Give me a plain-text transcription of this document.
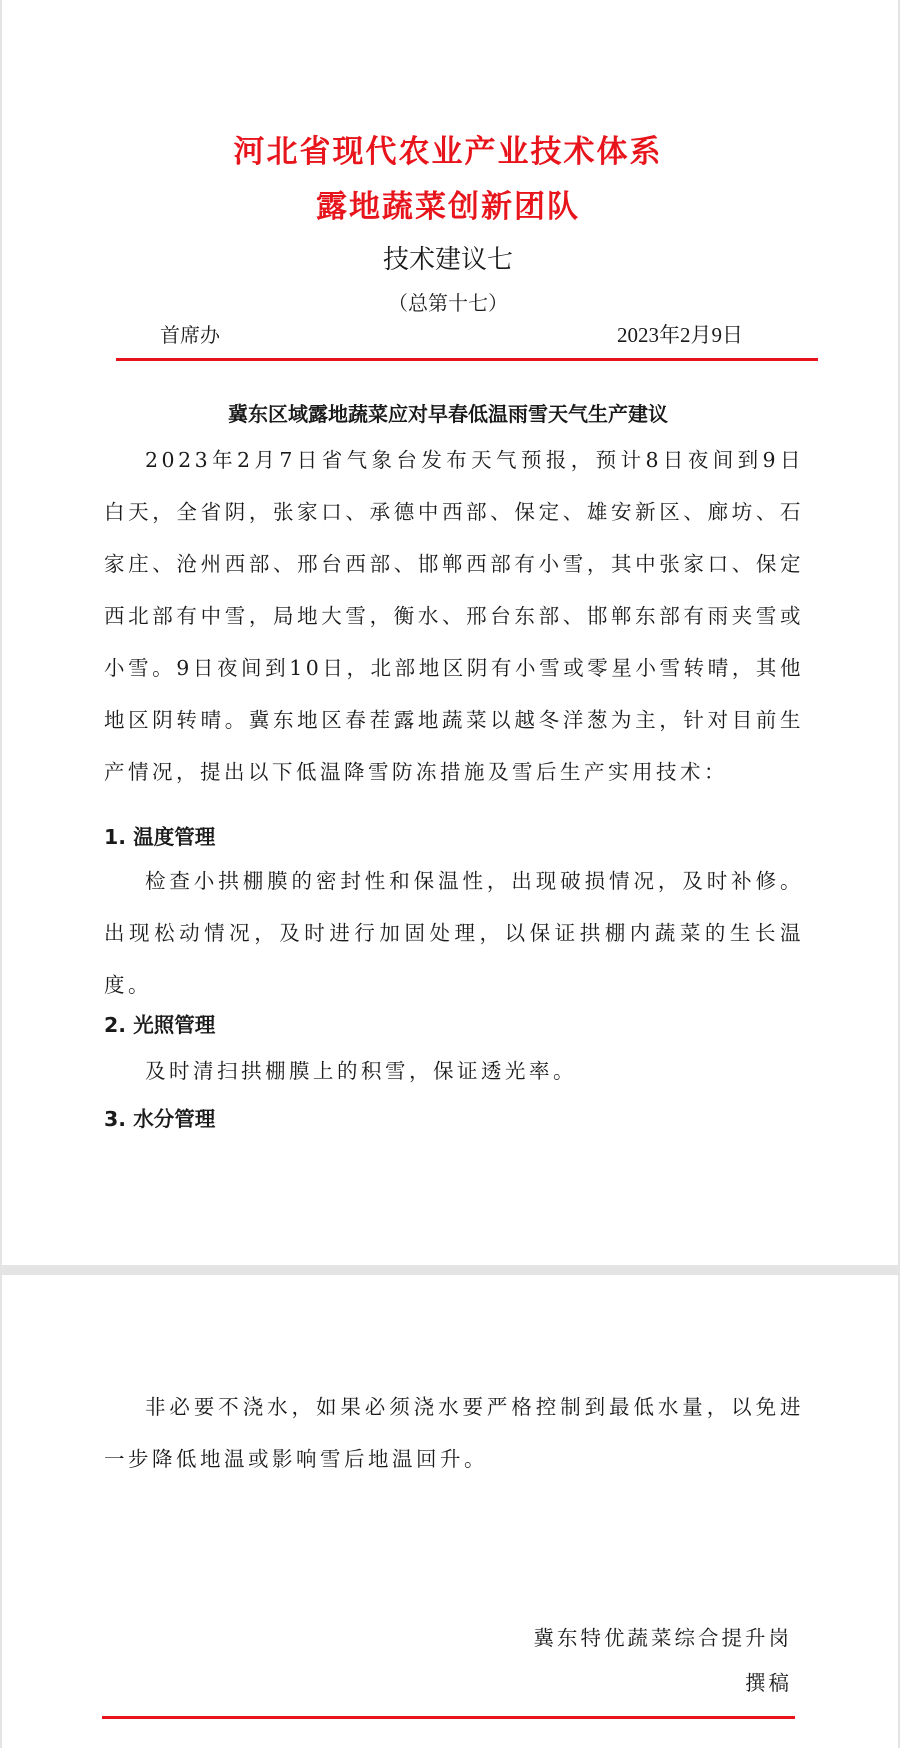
河北省现代农业产业技术体系
露地蔬菜创新团队
技术建议七
（总第十七）
首席办	2023年2月9日
冀东区域露地蔬菜应对早春低温雨雪天气生产建议

2023年2月7日省气象台发布天气预报，预计8日夜间到9日白天，全省阴，张家口、承德中西部、保定、雄安新区、廊坊、石家庄、沧州西部、邢台西部、邯郸西部有小雪，其中张家口、保定西北部有中雪，局地大雪，衡水、邢台东部、邯郸东部有雨夹雪或小雪。9日夜间到10日，北部地区阴有小雪或零星小雪转晴，其他地区阴转晴。冀东地区春茬露地蔬菜以越冬洋葱为主，针对目前生产情况，提出以下低温降雪防冻措施及雪后生产实用技术：

1. 温度管理

检查小拱棚膜的密封性和保温性，出现破损情况，及时补修。出现松动情况，及时进行加固处理，以保证拱棚内蔬菜的生长温度。

2. 光照管理

及时清扫拱棚膜上的积雪，保证透光率。

3. 水分管理

非必要不浇水，如果必须浇水要严格控制到最低水量，以免进一步降低地温或影响雪后地温回升。

冀东特优蔬菜综合提升岗
撰稿
